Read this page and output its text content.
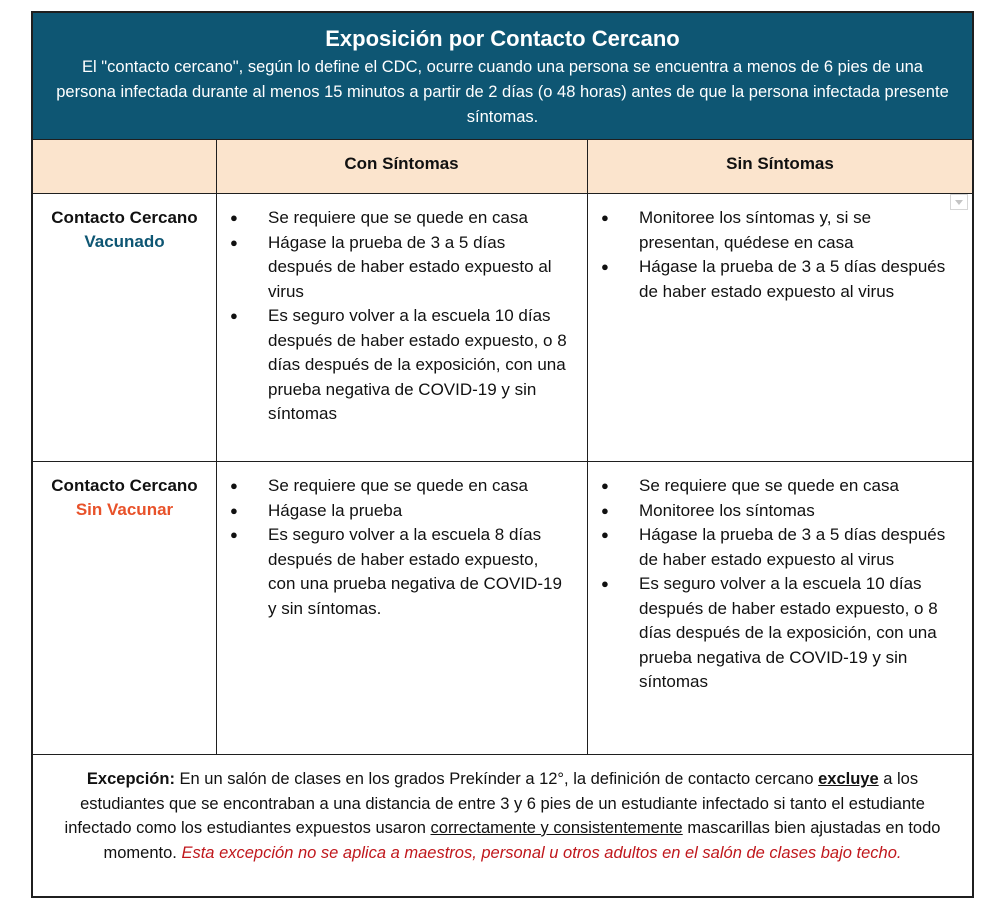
Exposición por Contacto Cercano
El "contacto cercano", según lo define el CDC, ocurre cuando una persona se encuentra a menos de 6 pies de una persona infectada durante al menos 15 minutos a partir de 2 días (o 48 horas) antes de que la persona infectada presente síntomas.
Con Síntomas	Sin Síntomas
Contacto Cercano
Vacunado
● Se requiere que se quede en casa
● Hágase la prueba de 3 a 5 días después de haber estado expuesto al virus
● Es seguro volver a la escuela 10 días después de haber estado expuesto, o 8 días después de la exposición, con una prueba negativa de COVID-19 y sin síntomas
● Monitoree los síntomas y, si se presentan, quédese en casa
● Hágase la prueba de 3 a 5 días después de haber estado expuesto al virus
Contacto Cercano
Sin Vacunar
● Se requiere que se quede en casa
● Hágase la prueba
● Es seguro volver a la escuela 8 días después de haber estado expuesto, con una prueba negativa de COVID-19 y sin síntomas.
● Se requiere que se quede en casa
● Monitoree los síntomas
● Hágase la prueba de 3 a 5 días después de haber estado expuesto al virus
● Es seguro volver a la escuela 10 días después de haber estado expuesto, o 8 días después de la exposición, con una prueba negativa de COVID-19 y sin síntomas
Excepción: En un salón de clases en los grados Prekínder a 12°, la definición de contacto cercano excluye a los estudiantes que se encontraban a una distancia de entre 3 y 6 pies de un estudiante infectado si tanto el estudiante infectado como los estudiantes expuestos usaron correctamente y consistentemente mascarillas bien ajustadas en todo momento. Esta excepción no se aplica a maestros, personal u otros adultos en el salón de clases bajo techo.
